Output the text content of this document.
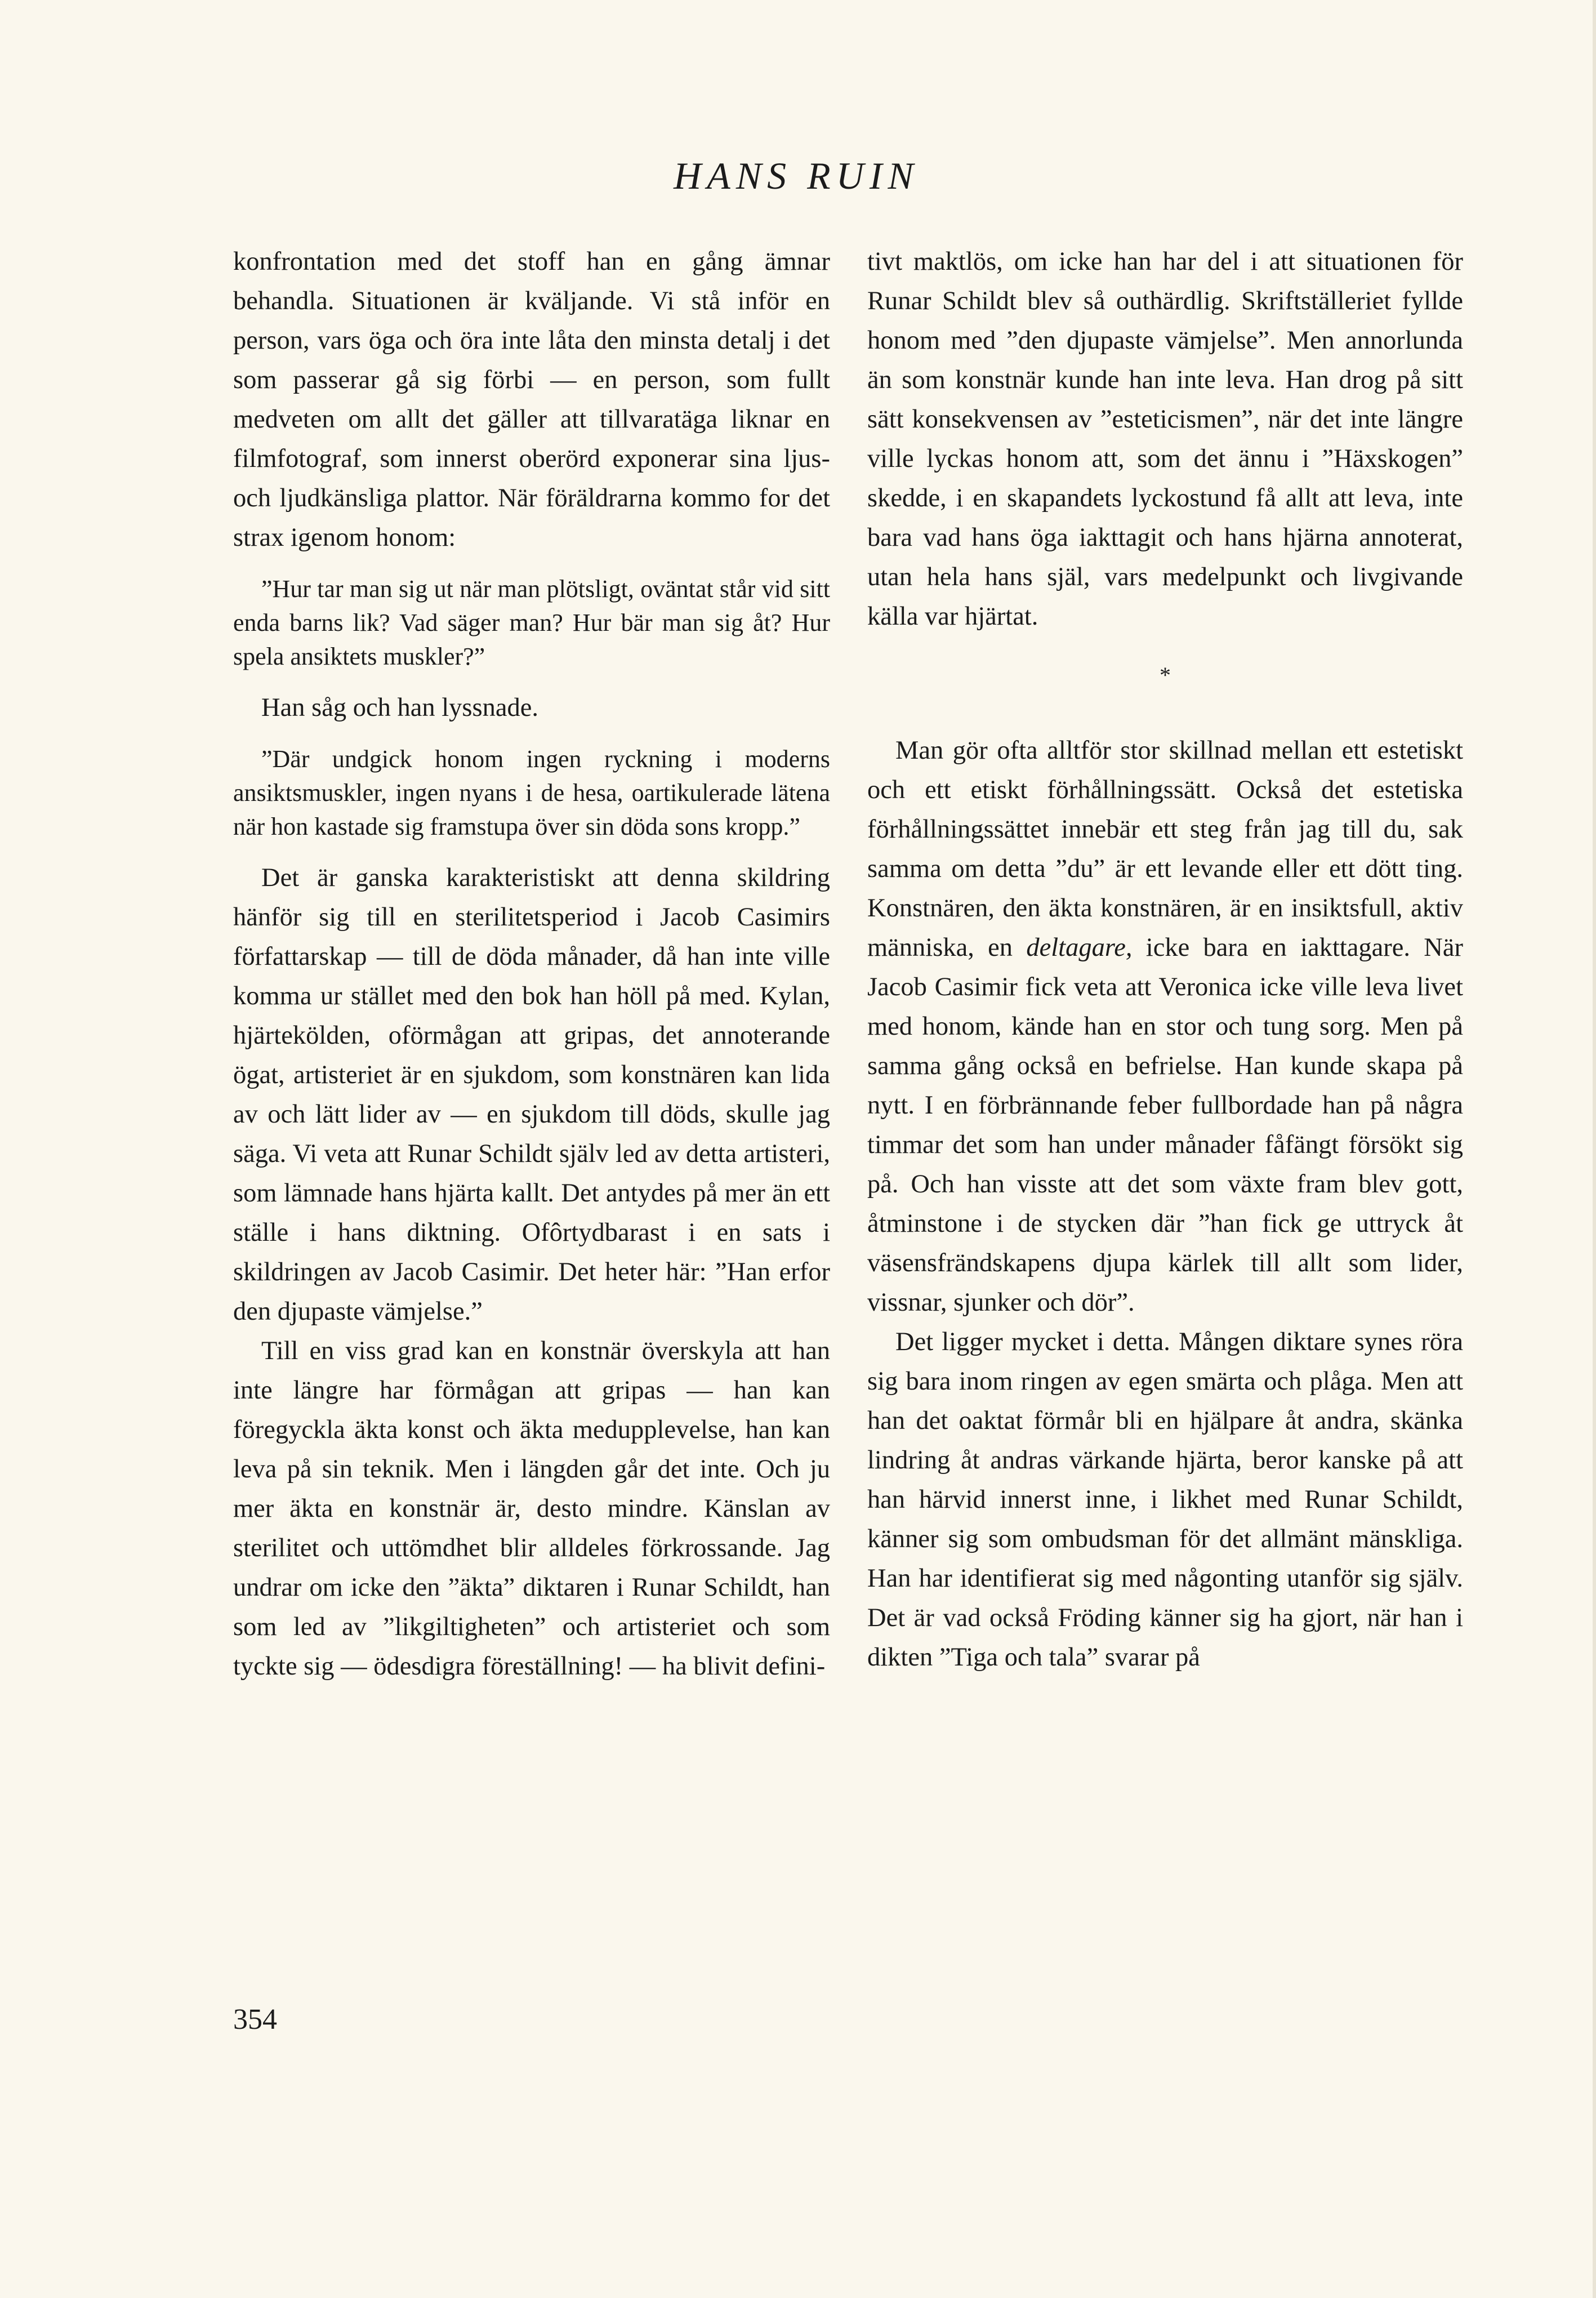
HANS RUIN

konfrontation med det stoff han en gång ämnar behandla. Situationen är kväljande. Vi stå inför en person, vars öga och öra inte låta den minsta detalj i det som passerar gå sig förbi — en person, som fullt medveten om allt det gäller att tillvaratäga liknar en filmfotograf, som innerst oberörd exponerar sina ljus- och ljudkänsliga plattor. När föräldrarna kommo for det strax igenom honom:

”Hur tar man sig ut när man plötsligt, oväntat står vid sitt enda barns lik? Vad säger man? Hur bär man sig åt? Hur spela ansiktets muskler?”

Han såg och han lyssnade.

”Där undgick honom ingen ryckning i moderns ansiktsmuskler, ingen nyans i de hesa, oartikulerade lätena när hon kastade sig framstupa över sin döda sons kropp.”

Det är ganska karakteristiskt att denna skildring hänför sig till en sterilitetsperiod i Jacob Casimirs författarskap — till de döda månader, då han inte ville komma ur stället med den bok han höll på med. Kylan, hjärtekölden, oförmågan att gripas, det annoterande ögat, artisteriet är en sjukdom, som konstnären kan lida av och lätt lider av — en sjukdom till döds, skulle jag säga. Vi veta att Runar Schildt själv led av detta artisteri, som lämnade hans hjärta kallt. Det antydes på mer än ett ställe i hans diktning. Ofôrtydbarast i en sats i skildringen av Jacob Casimir. Det heter här: ”Han erfor den djupaste vämjelse.”

Till en viss grad kan en konstnär överskyla att han inte längre har förmågan att gripas — han kan föregyckla äkta konst och äkta medupplevelse, han kan leva på sin teknik. Men i längden går det inte. Och ju mer äkta en konstnär är, desto mindre. Känslan av sterilitet och uttömdhet blir alldeles förkrossande. Jag undrar om icke den ”äkta” diktaren i Runar Schildt, han som led av ”likgiltigheten” och artisteriet och som tyckte sig — ödesdigra föreställning! — ha blivit defini-

tivt maktlös, om icke han har del i att situationen för Runar Schildt blev så outhärdlig. Skriftställeriet fyllde honom med ”den djupaste vämjelse”. Men annorlunda än som konstnär kunde han inte leva. Han drog på sitt sätt konsekvensen av ”esteticismen”, när det inte längre ville lyckas honom att, som det ännu i ”Häxskogen” skedde, i en skapandets lyckostund få allt att leva, inte bara vad hans öga iakttagit och hans hjärna annoterat, utan hela hans själ, vars medelpunkt och livgivande källa var hjärtat.

*

Man gör ofta alltför stor skillnad mellan ett estetiskt och ett etiskt förhållningssätt. Också det estetiska förhållningssättet innebär ett steg från jag till du, sak samma om detta ”du” är ett levande eller ett dött ting. Konstnären, den äkta konstnären, är en insiktsfull, aktiv människa, en deltagare, icke bara en iakttagare. När Jacob Casimir fick veta att Veronica icke ville leva livet med honom, kände han en stor och tung sorg. Men på samma gång också en befrielse. Han kunde skapa på nytt. I en förbrännande feber fullbordade han på några timmar det som han under månader fåfängt försökt sig på. Och han visste att det som växte fram blev gott, åtminstone i de stycken där ”han fick ge uttryck åt väsensfrändskapens djupa kärlek till allt som lider, vissnar, sjunker och dör”.

Det ligger mycket i detta. Mången diktare synes röra sig bara inom ringen av egen smärta och plåga. Men att han det oaktat förmår bli en hjälpare åt andra, skänka lindring åt andras värkande hjärta, beror kanske på att han härvid innerst inne, i likhet med Runar Schildt, känner sig som ombudsman för det allmänt mänskliga. Han har identifierat sig med någonting utanför sig själv. Det är vad också Fröding känner sig ha gjort, när han i dikten ”Tiga och tala” svarar på

354
